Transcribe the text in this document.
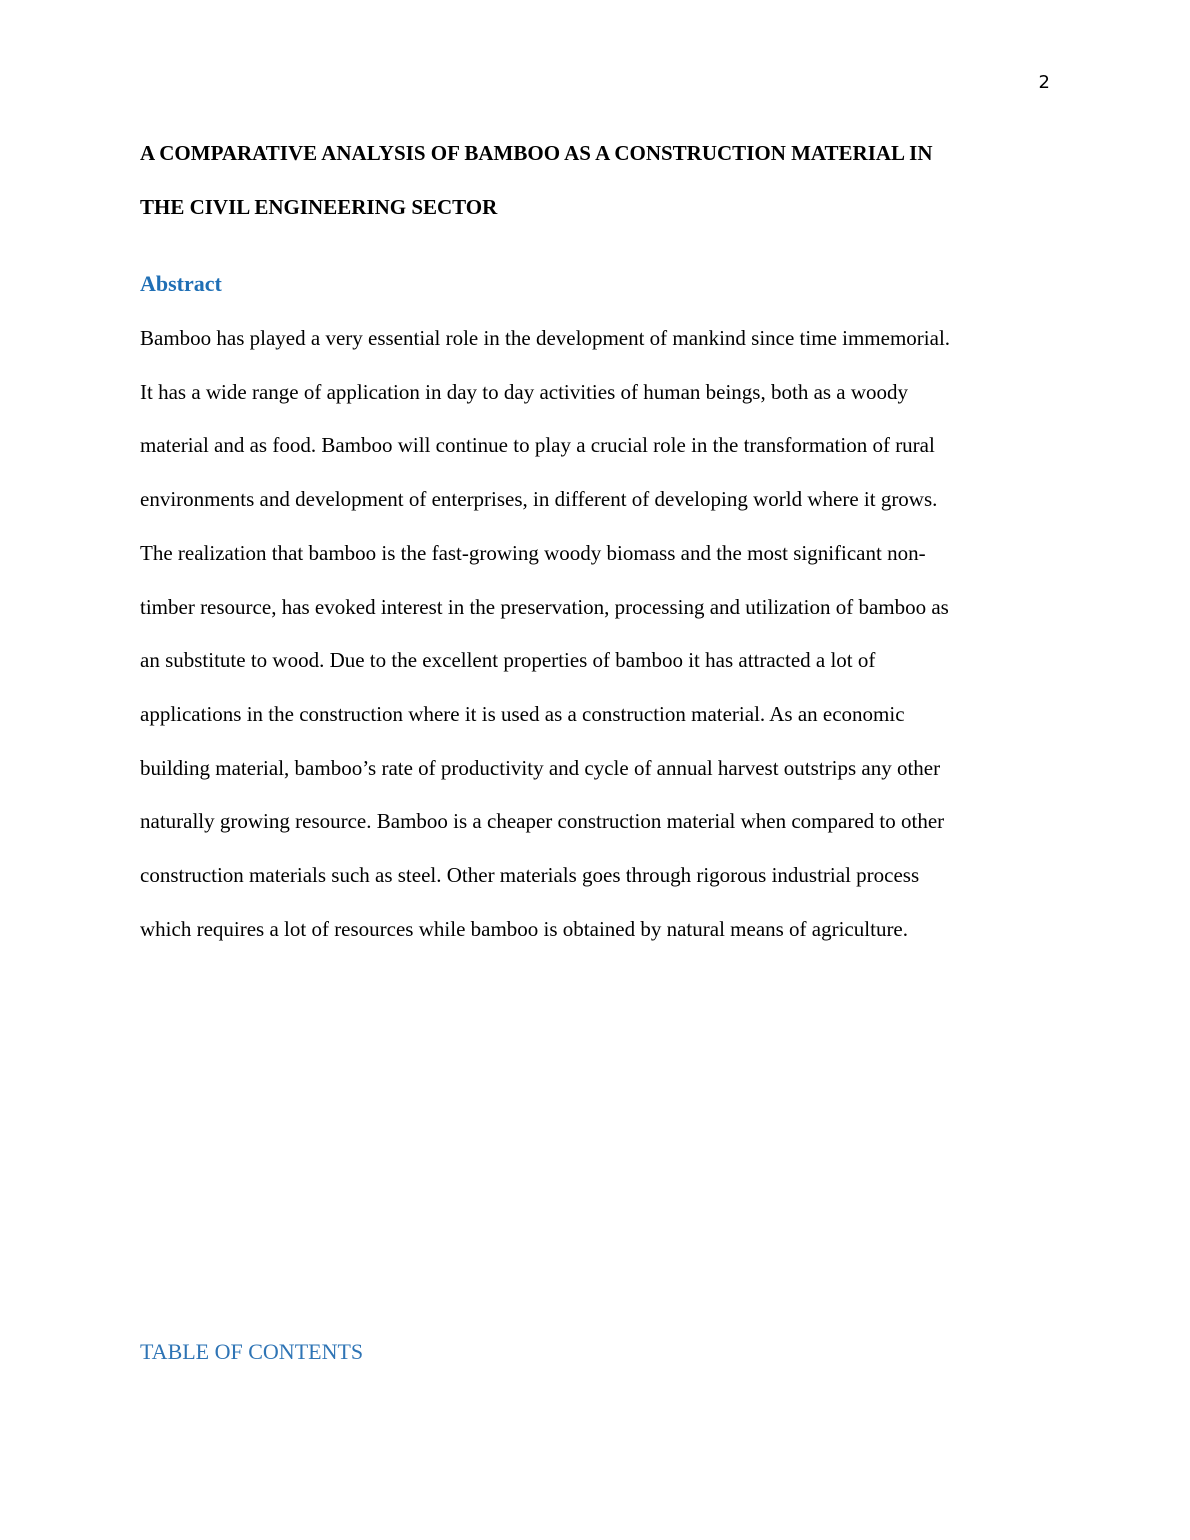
2
A COMPARATIVE ANALYSIS OF BAMBOO AS A CONSTRUCTION MATERIAL IN
THE CIVIL ENGINEERING SECTOR
Abstract

Bamboo has played a very essential role in the development of mankind since time immemorial.
It has a wide range of application in day to day activities of human beings, both as a woody
material and as food. Bamboo will continue to play a crucial role in the transformation of rural
environments and development of enterprises, in different of developing world where it grows.
The realization that bamboo is the fast-growing woody biomass and the most significant non-
timber resource, has evoked interest in the preservation, processing and utilization of bamboo as
an substitute to wood. Due to the excellent properties of bamboo it has attracted a lot of
applications in the construction where it is used as a construction material. As an economic
building material, bamboo’s rate of productivity and cycle of annual harvest outstrips any other
naturally growing resource. Bamboo is a cheaper construction material when compared to other
construction materials such as steel. Other materials goes through rigorous industrial process
which requires a lot of resources while bamboo is obtained by natural means of agriculture.

TABLE OF CONTENTS
